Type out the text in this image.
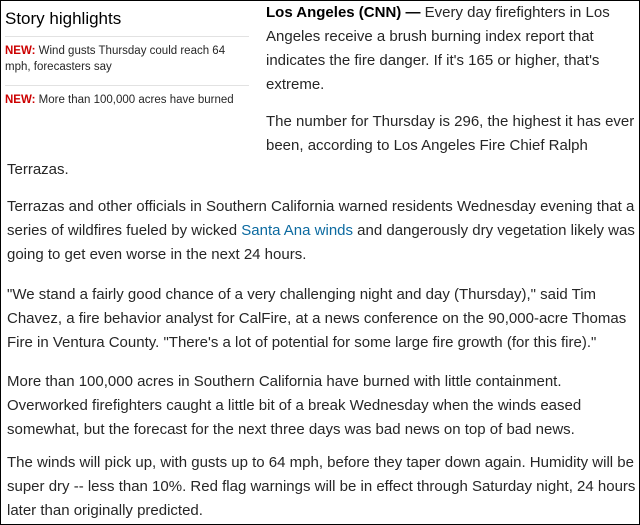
Story highlights
NEW: Wind gusts Thursday could reach 64 mph, forecasters say
NEW: More than 100,000 acres have burned
Los Angeles (CNN) — Every day firefighters in Los Angeles receive a brush burning index report that indicates the fire danger. If it's 165 or higher, that's extreme.
The number for Thursday is 296, the highest it has ever been, according to Los Angeles Fire Chief Ralph
Terrazas.
Terrazas and other officials in Southern California warned residents Wednesday evening that a series of wildfires fueled by wicked Santa Ana winds and dangerously dry vegetation likely was going to get even worse in the next 24 hours.
"We stand a fairly good chance of a very challenging night and day (Thursday)," said Tim Chavez, a fire behavior analyst for CalFire, at a news conference on the 90,000-acre Thomas Fire in Ventura County. "There's a lot of potential for some large fire growth (for this fire)."
More than 100,000 acres in Southern California have burned with little containment. Overworked firefighters caught a little bit of a break Wednesday when the winds eased somewhat, but the forecast for the next three days was bad news on top of bad news.
The winds will pick up, with gusts up to 64 mph, before they taper down again. Humidity will be super dry -- less than 10%. Red flag warnings will be in effect through Saturday night, 24 hours later than originally predicted.
